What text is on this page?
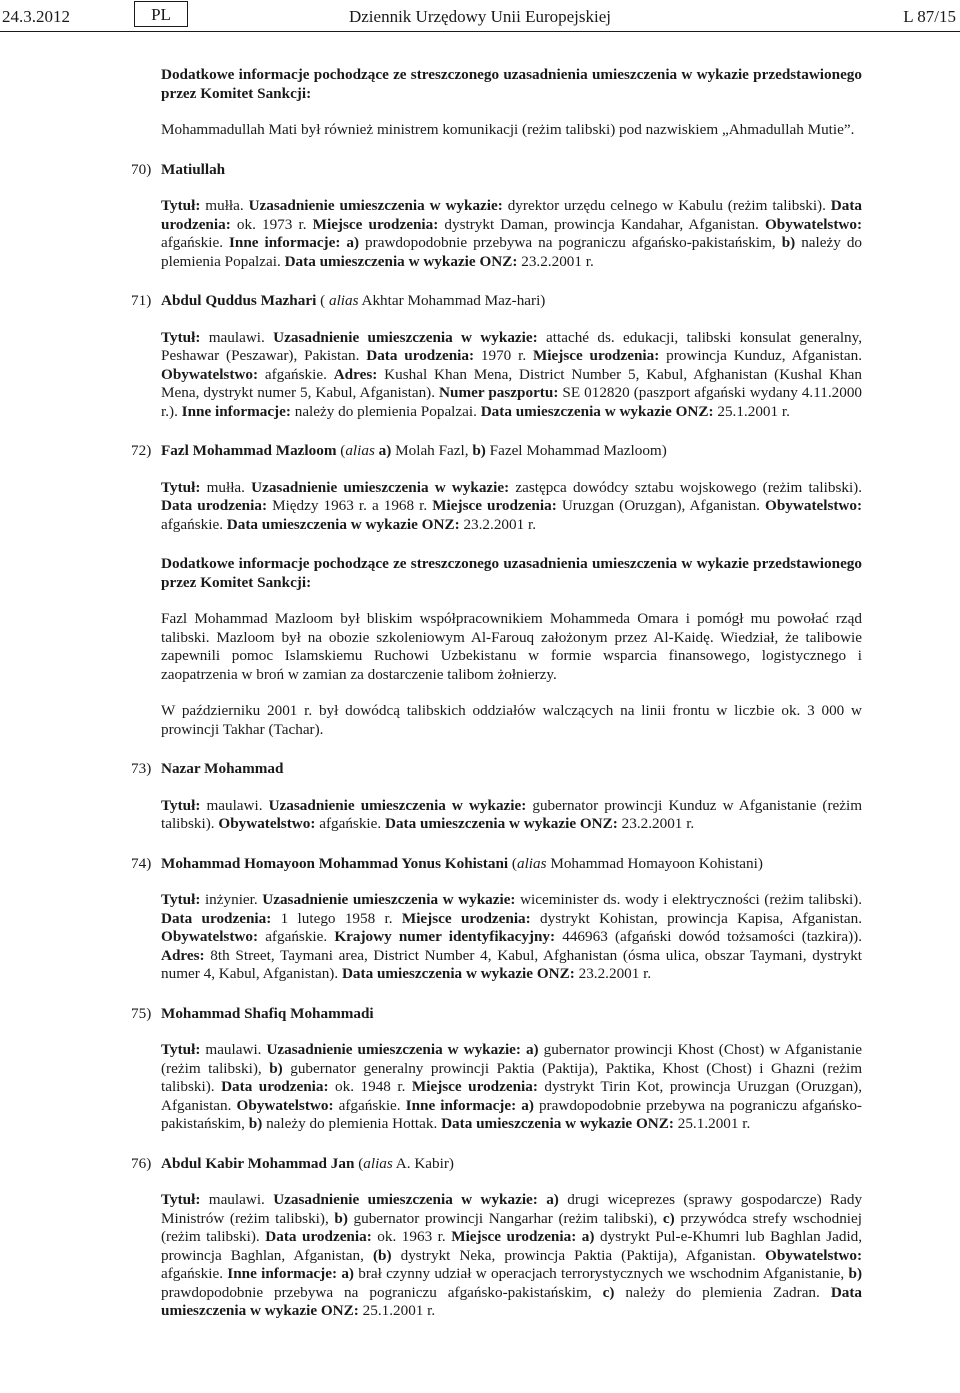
24.3.2012	PL	Dziennik Urzędowy Unii Europejskiej	L 87/15

Dodatkowe informacje pochodzące ze streszczonego uzasadnienia umieszczenia w wykazie przedstawionego przez Komitet Sankcji:

Mohammadullah Mati był również ministrem komunikacji (reżim talibski) pod nazwiskiem „Ahmadullah Mutie”.

70) Matiullah

Tytuł: mułła. Uzasadnienie umieszczenia w wykazie: dyrektor urzędu celnego w Kabulu (reżim talibski). Data urodzenia: ok. 1973 r. Miejsce urodzenia: dystrykt Daman, prowincja Kandahar, Afganistan. Obywatelstwo: afgańskie. Inne informacje: a) prawdopodobnie przebywa na pograniczu afgańsko-pakistańskim, b) należy do plemienia Popalzai. Data umieszczenia w wykazie ONZ: 23.2.2001 r.

71) Abdul Quddus Mazhari ( alias Akhtar Mohammad Maz-hari)

Tytuł: maulawi. Uzasadnienie umieszczenia w wykazie: attaché ds. edukacji, talibski konsulat generalny, Peshawar (Peszawar), Pakistan. Data urodzenia: 1970 r. Miejsce urodzenia: prowincja Kunduz, Afganistan. Obywatelstwo: afgańskie. Adres: Kushal Khan Mena, District Number 5, Kabul, Afghanistan (Kushal Khan Mena, dystrykt numer 5, Kabul, Afganistan). Numer paszportu: SE 012820 (paszport afgański wydany 4.11.2000 r.). Inne informacje: należy do plemienia Popalzai. Data umieszczenia w wykazie ONZ: 25.1.2001 r.

72) Fazl Mohammad Mazloom (alias a) Molah Fazl, b) Fazel Mohammad Mazloom)

Tytuł: mułła. Uzasadnienie umieszczenia w wykazie: zastępca dowódcy sztabu wojskowego (reżim talibski). Data urodzenia: Między 1963 r. a 1968 r. Miejsce urodzenia: Uruzgan (Oruzgan), Afganistan. Obywatelstwo: afgańskie. Data umieszczenia w wykazie ONZ: 23.2.2001 r.

Dodatkowe informacje pochodzące ze streszczonego uzasadnienia umieszczenia w wykazie przedstawionego przez Komitet Sankcji:

Fazl Mohammad Mazloom był bliskim współpracownikiem Mohammeda Omara i pomógł mu powołać rząd talibski. Mazloom był na obozie szkoleniowym Al-Farouq założonym przez Al-Kaidę. Wiedział, że talibowie zapewnili pomoc Islamskiemu Ruchowi Uzbekistanu w formie wsparcia finansowego, logistycznego i zaopatrzenia w broń w zamian za dostarczenie talibom żołnierzy.

W październiku 2001 r. był dowódcą talibskich oddziałów walczących na linii frontu w liczbie ok. 3 000 w prowincji Takhar (Tachar).

73) Nazar Mohammad

Tytuł: maulawi. Uzasadnienie umieszczenia w wykazie: gubernator prowincji Kunduz w Afganistanie (reżim talibski). Obywatelstwo: afgańskie. Data umieszczenia w wykazie ONZ: 23.2.2001 r.

74) Mohammad Homayoon Mohammad Yonus Kohistani (alias Mohammad Homayoon Kohistani)

Tytuł: inżynier. Uzasadnienie umieszczenia w wykazie: wiceminister ds. wody i elektryczności (reżim talibski). Data urodzenia: 1 lutego 1958 r. Miejsce urodzenia: dystrykt Kohistan, prowincja Kapisa, Afganistan. Obywatelstwo: afgańskie. Krajowy numer identyfikacyjny: 446963 (afgański dowód tożsamości (tazkira)). Adres: 8th Street, Taymani area, District Number 4, Kabul, Afghanistan (ósma ulica, obszar Taymani, dystrykt numer 4, Kabul, Afganistan). Data umieszczenia w wykazie ONZ: 23.2.2001 r.

75) Mohammad Shafiq Mohammadi

Tytuł: maulawi. Uzasadnienie umieszczenia w wykazie: a) gubernator prowincji Khost (Chost) w Afganistanie (reżim talibski), b) gubernator generalny prowincji Paktia (Paktija), Paktika, Khost (Chost) i Ghazni (reżim talibski). Data urodzenia: ok. 1948 r. Miejsce urodzenia: dystrykt Tirin Kot, prowincja Uruzgan (Oruzgan), Afganistan. Obywatelstwo: afgańskie. Inne informacje: a) prawdopodobnie przebywa na pograniczu afgańsko-pakistańskim, b) należy do plemienia Hottak. Data umieszczenia w wykazie ONZ: 25.1.2001 r.

76) Abdul Kabir Mohammad Jan (alias A. Kabir)

Tytuł: maulawi. Uzasadnienie umieszczenia w wykazie: a) drugi wiceprezes (sprawy gospodarcze) Rady Ministrów (reżim talibski), b) gubernator prowincji Nangarhar (reżim talibski), c) przywódca strefy wschodniej (reżim talibski). Data urodzenia: ok. 1963 r. Miejsce urodzenia: a) dystrykt Pul-e-Khumri lub Baghlan Jadid, prowincja Baghlan, Afganistan, (b) dystrykt Neka, prowincja Paktia (Paktija), Afganistan. Obywatelstwo: afgańskie. Inne informacje: a) brał czynny udział w operacjach terrorystycznych we wschodnim Afganistanie, b) prawdopodobnie przebywa na pograniczu afgańsko-pakistańskim, c) należy do plemienia Zadran. Data umieszczenia w wykazie ONZ: 25.1.2001 r.
